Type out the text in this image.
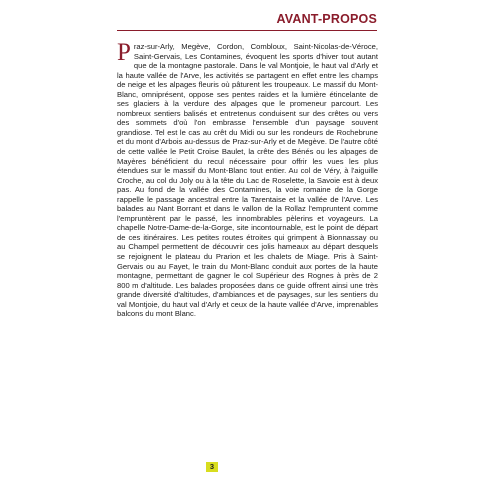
AVANT-PROPOS

Praz-sur-Arly, Megève, Cordon, Combloux, Saint-Nicolas-de-Véroce, Saint-Gervais, Les Contamines, évoquent les sports d'hiver tout autant que de la montagne pastorale. Dans le val Montjoie, le haut val d'Arly et la haute vallée de l'Arve, les activités se partagent en effet entre les champs de neige et les alpages fleuris où pâturent les troupeaux. Le massif du Mont-Blanc, omniprésent, oppose ses pentes raides et la lumière étincelante de ses glaciers à la verdure des alpages que le promeneur parcourt. Les nombreux sentiers balisés et entretenus conduisent sur des crêtes ou vers des sommets d'où l'on embrasse l'ensemble d'un paysage souvent grandiose. Tel est le cas au crêt du Midi ou sur les rondeurs de Rochebrune et du mont d'Arbois au-dessus de Praz-sur-Arly et de Megève. De l'autre côté de cette vallée le Petit Croise Baulet, la crête des Bénés ou les alpages de Mayères bénéficient du recul nécessaire pour offrir les vues les plus étendues sur le massif du Mont-Blanc tout entier. Au col de Véry, à l'aiguille Croche, au col du Joly ou à la tête du Lac de Roselette, la Savoie est à deux pas. Au fond de la vallée des Contamines, la voie romaine de la Gorge rappelle le passage ancestral entre la Tarentaise et la vallée de l'Arve. Les balades au Nant Borrant et dans le vallon de la Rollaz l'empruntent comme l'empruntèrent par le passé, les innombrables pèlerins et voyageurs. La chapelle Notre-Dame-de-la-Gorge, site incontournable, est le point de départ de ces itinéraires. Les petites routes étroites qui grimpent à Bionnassay ou au Champel permettent de découvrir ces jolis hameaux au départ desquels se rejoignent le plateau du Prarion et les chalets de Miage. Pris à Saint-Gervais ou au Fayet, le train du Mont-Blanc conduit aux portes de la haute montagne, permettant de gagner le col Supérieur des Rognes à près de 2 800 m d'altitude. Les balades proposées dans ce guide offrent ainsi une très grande diversité d'altitudes, d'ambiances et de paysages, sur les sentiers du val Montjoie, du haut val d'Arly et ceux de la haute vallée d'Arve, imprenables balcons du mont Blanc.

3
